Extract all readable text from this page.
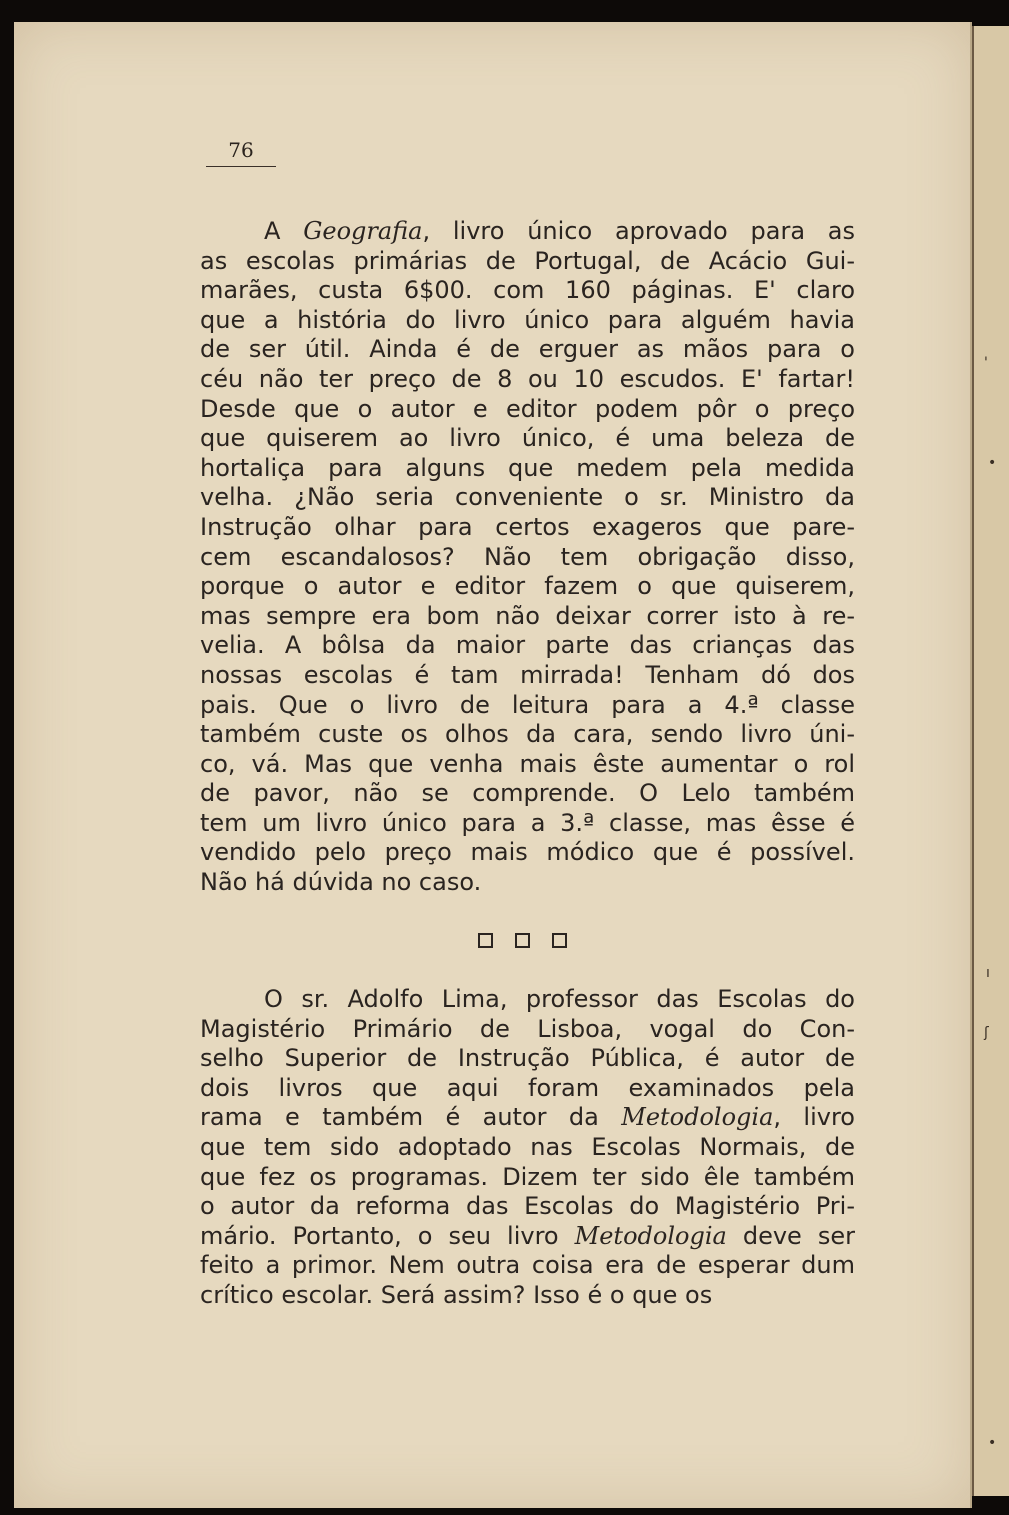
ꞌ
•
ı
ʃ
•
76
A Geografia, livro único aprovado para as
as escolas primárias de Portugal, de Acácio Gui-
marães, custa 6$00. com 160 páginas. E' claro
que a história do livro único para alguém havia
de ser útil. Ainda é de erguer as mãos para o
céu não ter preço de 8 ou 10 escudos. E' fartar!
Desde que o autor e editor podem pôr o preço
que quiserem ao livro único, é uma beleza de
hortaliça para alguns que medem pela medida
velha. ¿Não seria conveniente o sr. Ministro da
Instrução olhar para certos exageros que pare-
cem escandalosos? Não tem obrigação disso,
porque o autor e editor fazem o que quiserem,
mas sempre era bom não deixar correr isto à re-
velia. A bôlsa da maior parte das crianças das
nossas escolas é tam mirrada! Tenham dó dos
pais. Que o livro de leitura para a 4.ª classe
também custe os olhos da cara, sendo livro úni-
co, vá. Mas que venha mais êste aumentar o rol
de pavor, não se comprende. O Lelo também
tem um livro único para a 3.ª classe, mas êsse é
vendido pelo preço mais módico que é possível.
Não há dúvida no caso.
O sr. Adolfo Lima, professor das Escolas do
Magistério Primário de Lisboa, vogal do Con-
selho Superior de Instrução Pública, é autor de
dois livros que aqui foram examinados pela
rama e também é autor da Metodologia, livro
que tem sido adoptado nas Escolas Normais, de
que fez os programas. Dizem ter sido êle também
o autor da reforma das Escolas do Magistério Pri-
mário. Portanto, o seu livro Metodologia deve ser
feito a primor. Nem outra coisa era de esperar dum
crítico escolar. Será assim? Isso é o que os
